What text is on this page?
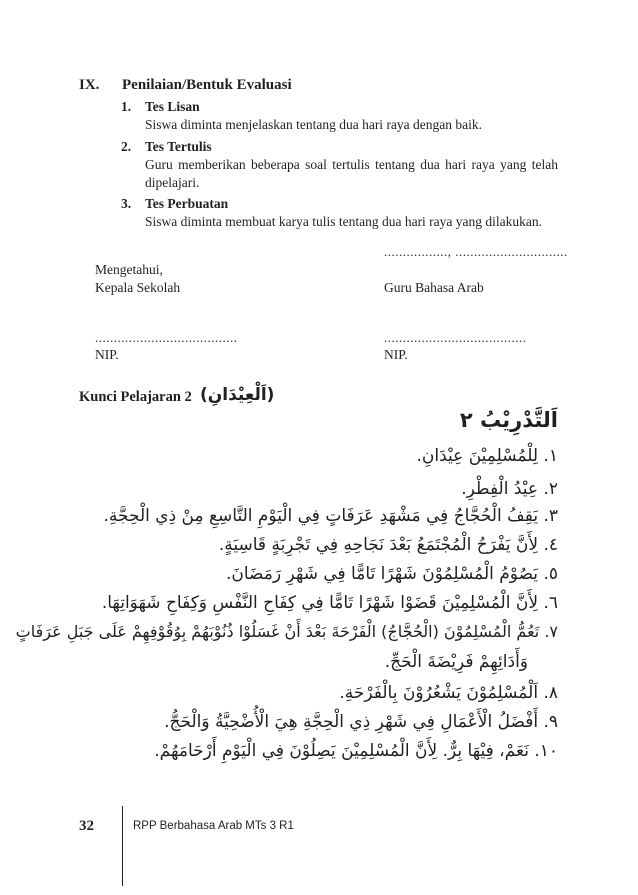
IX. Penilaian/Bentuk Evaluasi
1. Tes Lisan
Siswa diminta menjelaskan tentang dua hari raya dengan baik.
2. Tes Tertulis
Guru memberikan beberapa soal tertulis tentang dua hari raya yang telah dipelajari.
3. Tes Perbuatan
Siswa diminta membuat karya tulis tentang dua hari raya yang dilakukan.
................., ..............................
Mengetahui,
Kepala Sekolah	Guru Bahasa Arab
......................................	......................................
NIP.	NIP.
Kunci Pelajaran 2 (اَلْعِيْدَانِ)
اَلتَّدْرِيْبُ ٢
١. لِلْمُسْلِمِيْنَ عِيْدَانِ.
٢. عِيْدُ الْفِطْرِ.
٣. يَقِفُ الْحُجَّاجُ فِي مَشْهَدِ عَرَفَاتٍ فِي الْيَوْمِ التَّاسِعِ مِنْ ذِي الْحِجَّةِ.
٤. لِأَنَّ يَفْرَحُ الْمُجْتَمَعُ بَعْدَ نَجَاحِهِ فِي تَجْرِبَةٍ قَاسِيَةٍ.
٥. يَصُوْمُ الْمُسْلِمُوْنَ شَهْرًا تَامًّا فِي شَهْرِ رَمَضَانَ.
٦. لِأَنَّ الْمُسْلِمِيْنَ قَضَوْا شَهْرًا تَامًّا فِي كِفَاحِ النَّفْسِ وَكِفَاحِ شَهَوَاتِهَا.
٧. تَعُمُّ الْمُسْلِمُوْنَ (الْحُجَّاجُ) الْفَرْحَةَ بَعْدَ أَنْ غَسَلُوْا ذُنُوْبَهُمْ بِوُقُوْفِهِمْ عَلَى جَبَلِ عَرَفَاتٍ
وَأَدَائِهِمْ فَرِيْضَةَ الْحَجِّ.
٨. اَلْمُسْلِمُوْنَ يَشْعُرُوْنَ بِالْفَرْحَةِ.
٩. أَفْضَلُ الْأَعْمَالِ فِي شَهْرِ ذِي الْحِجَّةِ هِيَ الْأُضْحِيَّةُ وَالْحَجُّ.
١٠. نَعَمْ، فِيْهَا بِرٌّ. لِأَنَّ الْمُسْلِمِيْنَ يَصِلُوْنَ فِي الْيَوْمِ أَرْحَامَهُمْ.
32	RPP Berbahasa Arab MTs 3 R1
